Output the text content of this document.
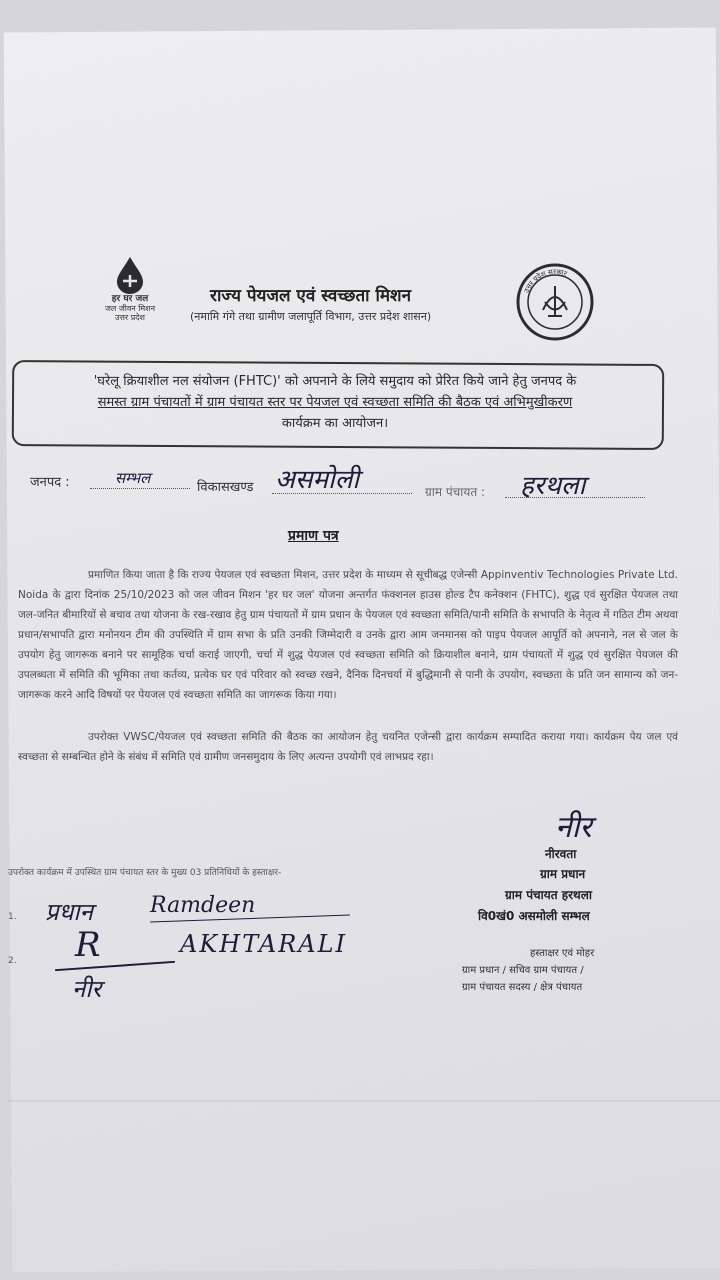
हर घर जल
जल जीवन मिशन
उत्तर प्रदेश
राज्य पेयजल एवं स्वच्छता मिशन
(नमामि गंगे तथा ग्रामीण जलापूर्ति विभाग, उत्तर प्रदेश शासन)
उत्तर प्रदेश सरकार
'घरेलू क्रियाशील नल संयोजन (FHTC)' को अपनाने के लिये समुदाय को प्रेरित किये जाने हेतु जनपद के
समस्त ग्राम पंचायतों में ग्राम पंचायत स्तर पर पेयजल एवं स्वच्छता समिति की बैठक एवं अभिमुखीकरण
कार्यक्रम का आयोजन।
जनपद :	सम्भल
विकासखण्ड असमोली	ग्राम पंचायत : हरथला
प्रमाण पत्र
प्रमाणित किया जाता है कि राज्य पेयजल एवं स्वच्छता मिशन, उत्तर प्रदेश के माध्यम से सूचीबद्ध एजेन्सी Appinventiv Technologies Private Ltd. Noida के द्वारा दिनांक 25/10/2023 को जल जीवन मिशन 'हर घर जल' योजना अन्तर्गत फंक्शनल हाउस होल्ड टैप कनेक्शन (FHTC), शुद्ध एवं सुरक्षित पेयजल तथा जल-जनित बीमारियों से बचाव तथा योजना के रख-रखाव हेतु ग्राम पंचायतों में ग्राम प्रधान के पेयजल एवं स्वच्छता समिति/पानी समिति के सभापति के नेतृत्व में गठित टीम अथवा प्रधान/सभापति द्वारा मनोनयन टीम की उपस्थिति में ग्राम सभा के प्रति उनकी जिम्मेदारी व उनके द्वारा आम जनमानस को पाइप पेयजल आपूर्ति को अपनाने, नल से जल के उपयोग हेतु जागरूक बनाने पर सामूहिक चर्चा कराई जाएगी, चर्चा में शुद्ध पेयजल एवं स्वच्छता समिति को क्रियाशील बनाने, ग्राम पंचायतों में शुद्ध एवं सुरक्षित पेयजल की उपलब्धता में समिति की भूमिका तथा कर्तव्य, प्रत्येक घर एवं परिवार को स्वच्छ रखने, दैनिक दिनचर्या में बुद्धिमानी से पानी के उपयोग, स्वच्छता के प्रति जन सामान्य को जन-जागरूक करने आदि विषयों पर पेयजल एवं स्वच्छता समिति का जागरूक किया गया।
उपरोक्त VWSC/पेयजल एवं स्वच्छता समिति की बैठक का आयोजन हेतु चयनित एजेन्सी द्वारा कार्यक्रम सम्पादित कराया गया। कार्यक्रम पेय जल एवं स्वच्छता से सम्बन्धित होने के संबंध में समिति एवं ग्रामीण जनसमुदाय के लिए अत्यन्त उपयोगी एवं लाभप्रद रहा।
नीर
नीरवता
ग्राम प्रधान
ग्राम पंचायत हरथला
वि0खं0 असमोली सम्भल
हस्ताक्षर एवं मोहर
ग्राम प्रधान / सचिव ग्राम पंचायत /
ग्राम पंचायत सदस्य / क्षेत्र पंचायत
उपरोक्त कार्यक्रम में उपस्थित ग्राम पंचायत स्तर के मुख्य 03 प्रतिनिधियों के हस्ताक्षर-
1.
2.
प्रधान	Ramdeen
R	AKHTARALI
नीर
